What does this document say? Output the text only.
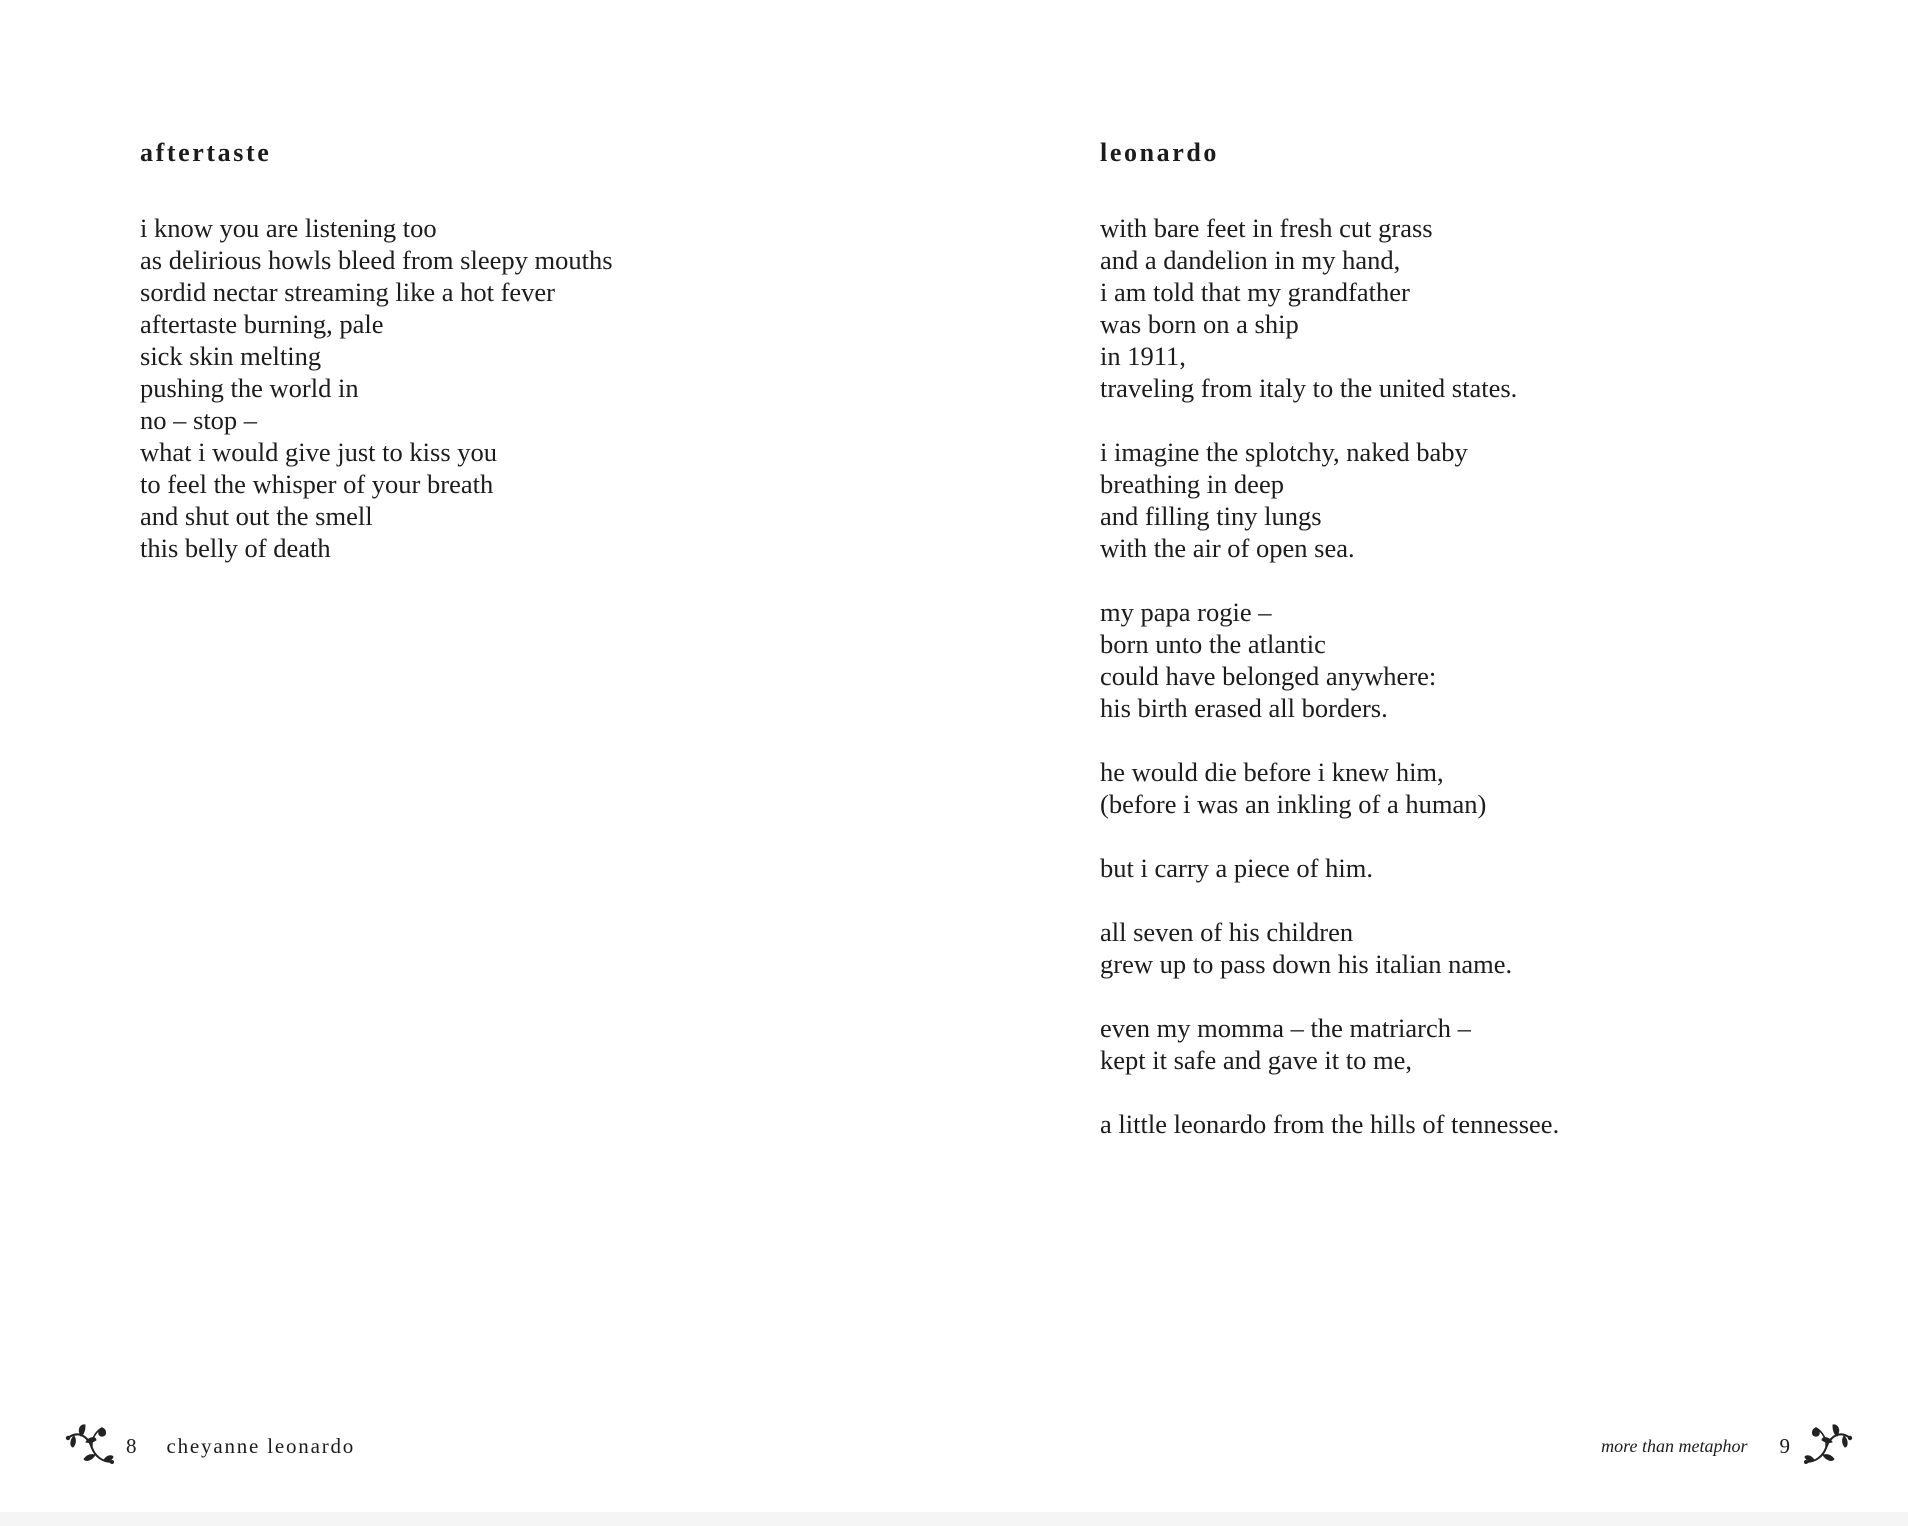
aftertaste
i know you are listening too
as delirious howls bleed from sleepy mouths
sordid nectar streaming like a hot fever
aftertaste burning, pale
sick skin melting
pushing the world in
no – stop –
what i would give just to kiss you
to feel the whisper of your breath
and shut out the smell
this belly of death
8 cheyanne leonardo
leonardo
with bare feet in fresh cut grass
and a dandelion in my hand,
i am told that my grandfather
was born on a ship
in 1911,
traveling from italy to the united states.
i imagine the splotchy, naked baby
breathing in deep
and filling tiny lungs
with the air of open sea.
my papa rogie –
born unto the atlantic
could have belonged anywhere:
his birth erased all borders.
he would die before i knew him,
(before i was an inkling of a human)
but i carry a piece of him.
all seven of his children
grew up to pass down his italian name.
even my momma – the matriarch –
kept it safe and gave it to me,
a little leonardo from the hills of tennessee.
more than metaphor 9
